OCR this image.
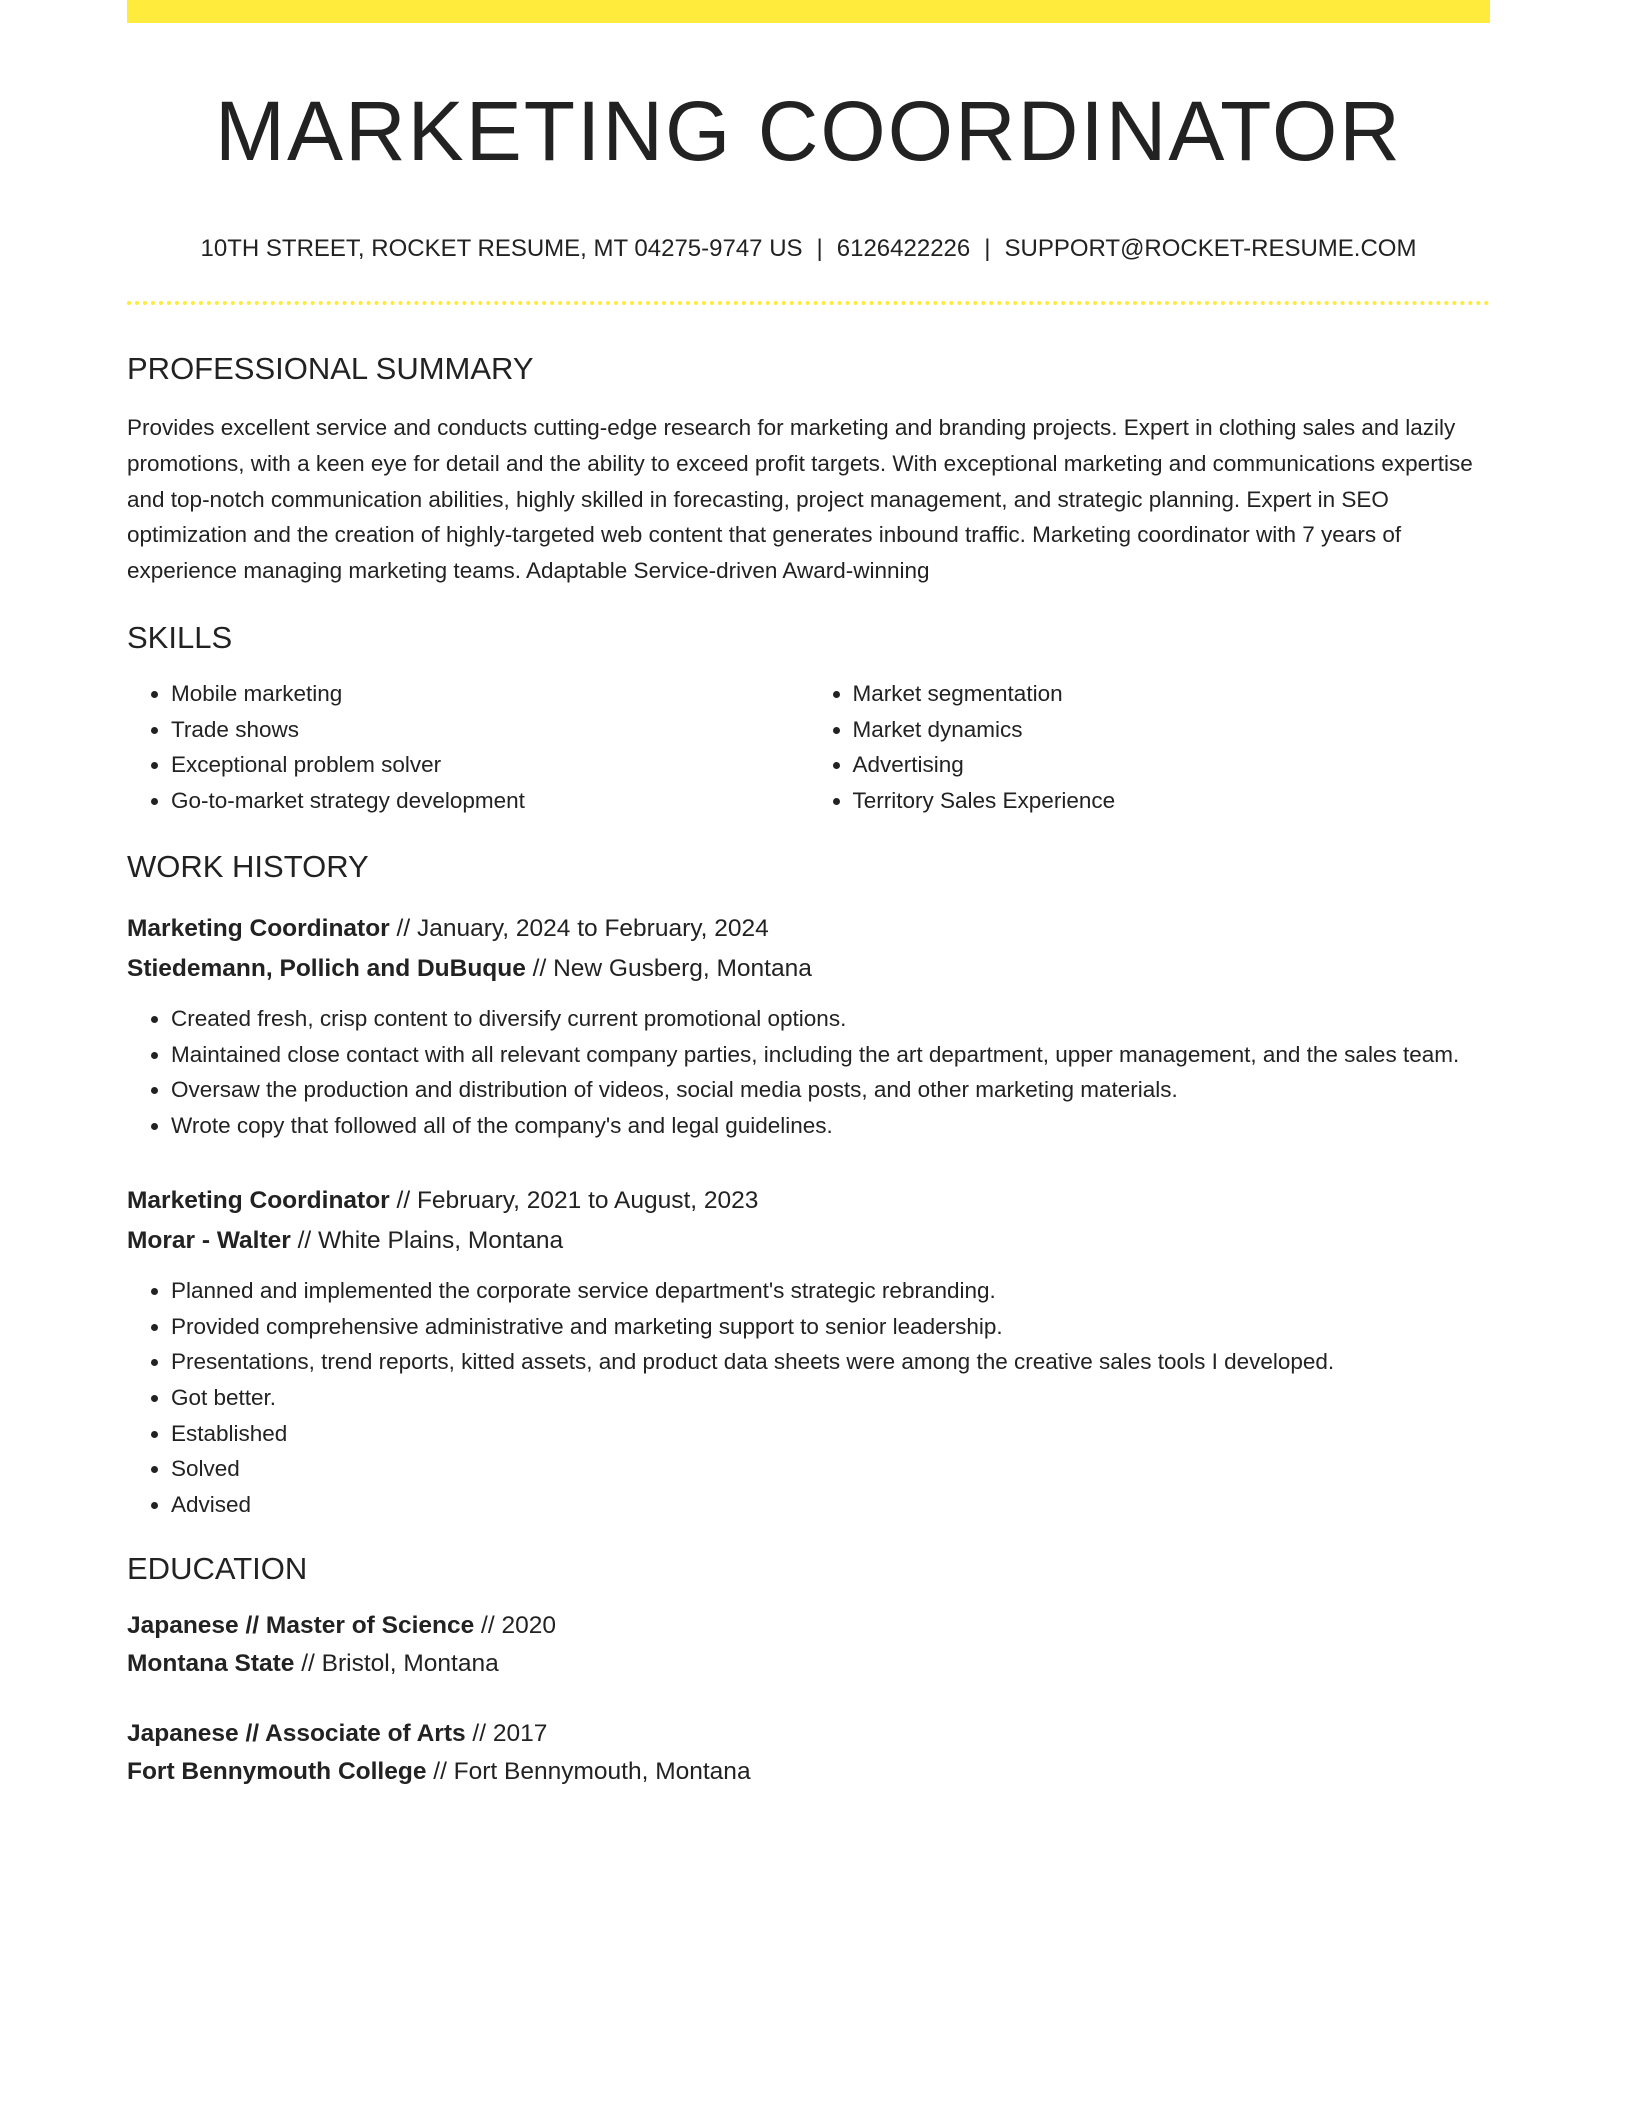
MARKETING COORDINATOR
10TH STREET, ROCKET RESUME, MT 04275-9747 US | 6126422226 | SUPPORT@ROCKET-RESUME.COM
PROFESSIONAL SUMMARY
Provides excellent service and conducts cutting-edge research for marketing and branding projects. Expert in clothing sales and lazily promotions, with a keen eye for detail and the ability to exceed profit targets. With exceptional marketing and communications expertise and top-notch communication abilities, highly skilled in forecasting, project management, and strategic planning. Expert in SEO optimization and the creation of highly-targeted web content that generates inbound traffic. Marketing coordinator with 7 years of experience managing marketing teams. Adaptable Service-driven Award-winning
SKILLS
• Mobile marketing
• Trade shows
• Exceptional problem solver
• Go-to-market strategy development
• Market segmentation
• Market dynamics
• Advertising
• Territory Sales Experience
WORK HISTORY
Marketing Coordinator // January, 2024 to February, 2024
Stiedemann, Pollich and DuBuque // New Gusberg, Montana
• Created fresh, crisp content to diversify current promotional options.
• Maintained close contact with all relevant company parties, including the art department, upper management, and the sales team.
• Oversaw the production and distribution of videos, social media posts, and other marketing materials.
• Wrote copy that followed all of the company's and legal guidelines.
Marketing Coordinator // February, 2021 to August, 2023
Morar - Walter // White Plains, Montana
• Planned and implemented the corporate service department's strategic rebranding.
• Provided comprehensive administrative and marketing support to senior leadership.
• Presentations, trend reports, kitted assets, and product data sheets were among the creative sales tools I developed.
• Got better.
• Established
• Solved
• Advised
EDUCATION
Japanese // Master of Science // 2020
Montana State // Bristol, Montana
Japanese // Associate of Arts // 2017
Fort Bennymouth College // Fort Bennymouth, Montana
